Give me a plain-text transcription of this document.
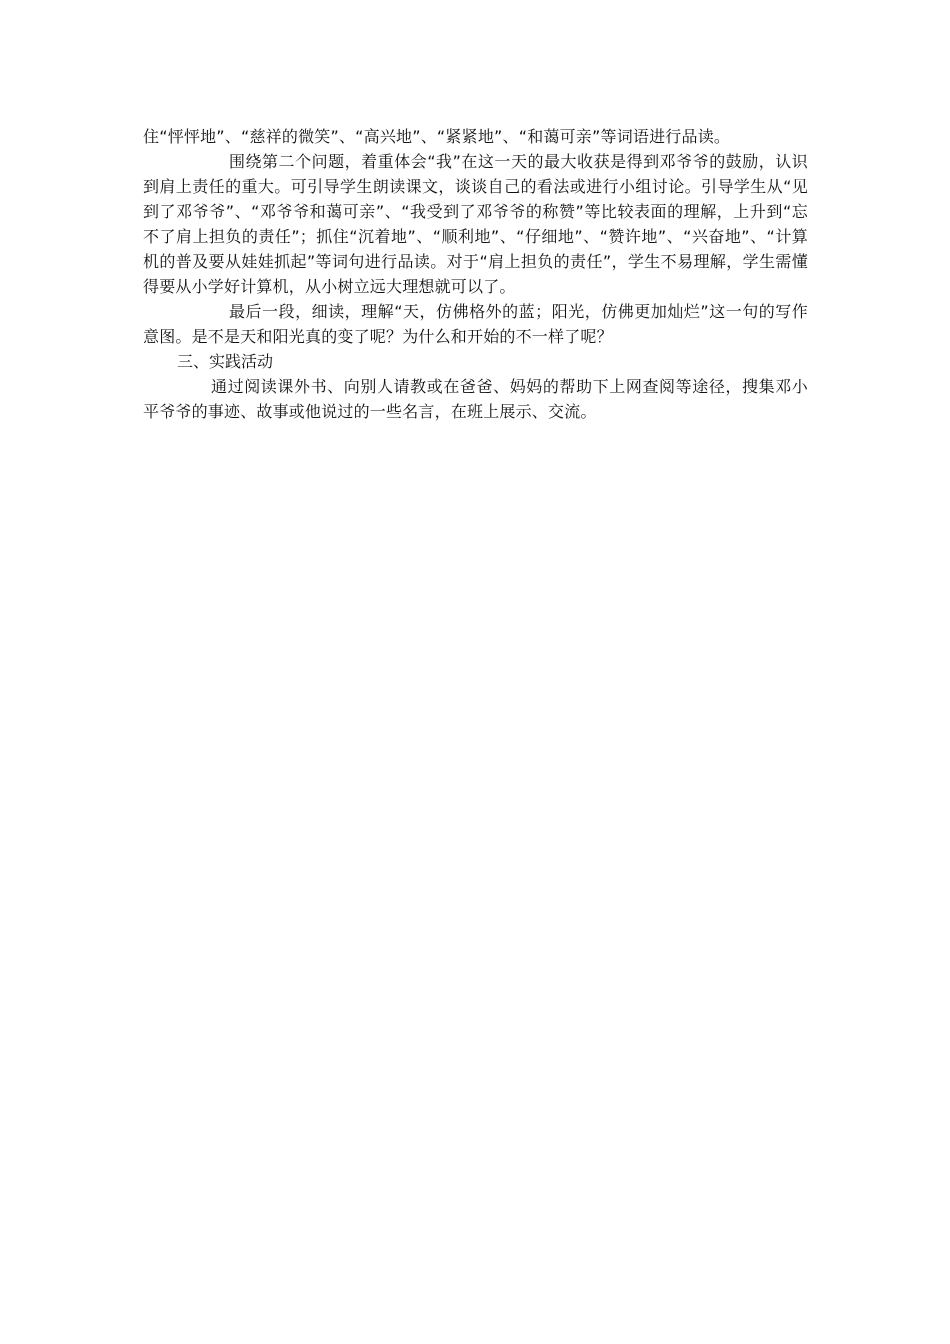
住“怦怦地”、“慈祥的微笑”、“高兴地”、“紧紧地”、“和蔼可亲”等词语进行品读。

围绕第二个问题，着重体会“我”在这一天的最大收获是得到邓爷爷的鼓励，认识到肩上责任的重大。可引导学生朗读课文，谈谈自己的看法或进行小组讨论。引导学生从“见到了邓爷爷”、“邓爷爷和蔼可亲”、“我受到了邓爷爷的称赞”等比较表面的理解，上升到“忘不了肩上担负的责任”；抓住“沉着地”、“顺利地”、“仔细地”、“赞许地”、“兴奋地”、“计算机的普及要从娃娃抓起”等词句进行品读。对于“肩上担负的责任”，学生不易理解，学生需懂得要从小学好计算机，从小树立远大理想就可以了。

最后一段，细读，理解“天，仿佛格外的蓝；阳光，仿佛更加灿烂”这一句的写作意图。是不是天和阳光真的变了呢？为什么和开始的不一样了呢？

三、实践活动

通过阅读课外书、向别人请教或在爸爸、妈妈的帮助下上网查阅等途径，搜集邓小平爷爷的事迹、故事或他说过的一些名言，在班上展示、交流。
